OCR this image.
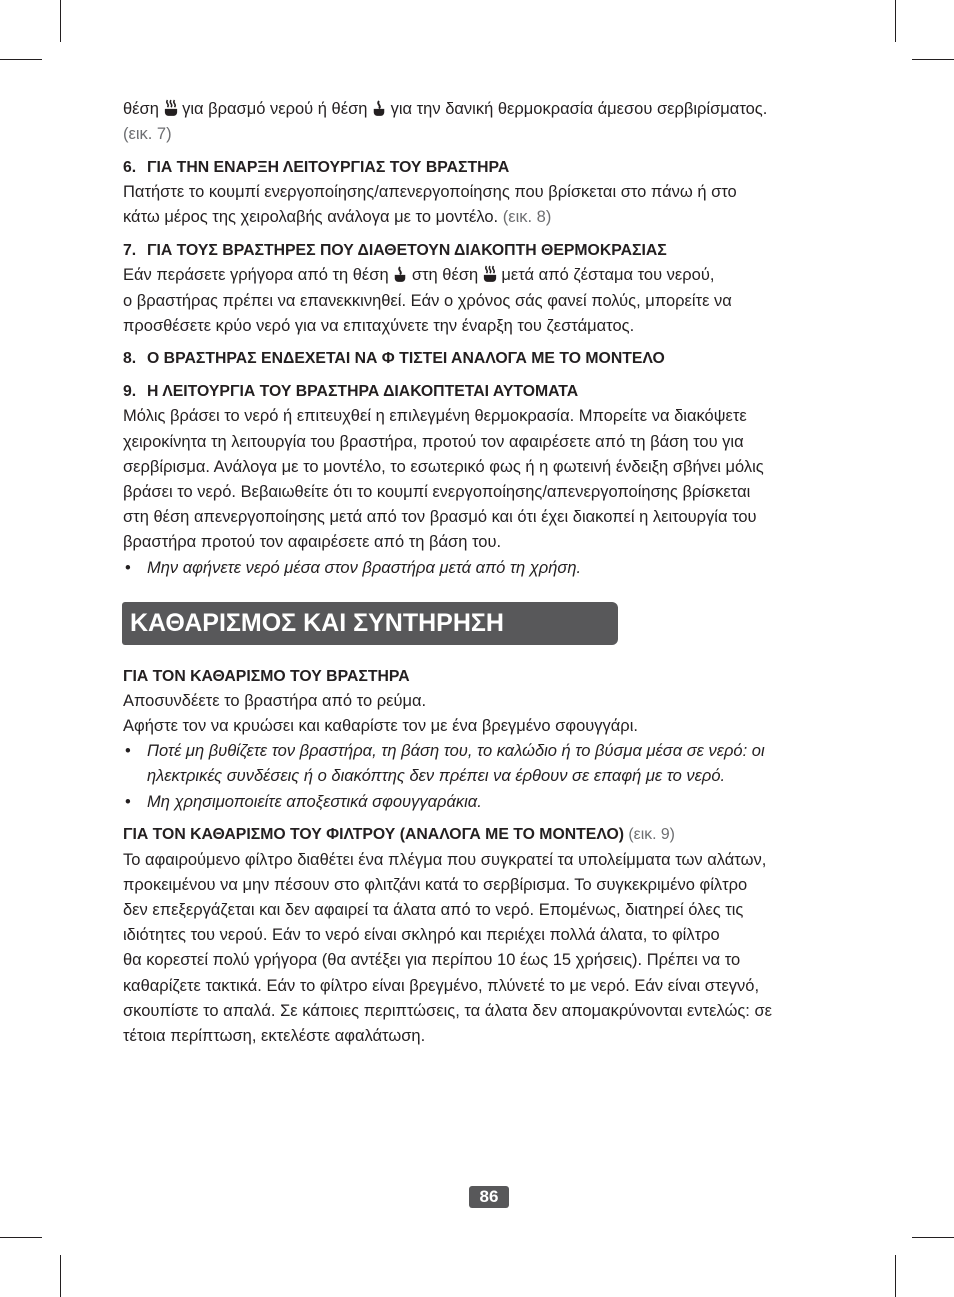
θέση για βρασμό νερού ή θέση για την δανική θερμοκρασία άμεσου σερβιρίσματος.
(εικ. 7)
6. ΓΙΑ ΤΗΝ ΕΝΑΡΞΗ ΛΕΙΤΟΥΡΓΙΑΣ ΤΟΥ ΒΡΑΣΤΗΡΑ
Πατήστε το κουμπί ενεργοποίησης/απενεργοποίησης που βρίσκεται στο πάνω ή στο
κάτω μέρος της χειρολαβής ανάλογα με το μοντέλο. (εικ. 8)
7. ΓΙΑ ΤΟΥΣ ΒΡΑΣΤΗΡΕΣ ΠΟΥ ΔΙΑΘΕΤΟΥΝ ΔΙΑΚΟΠΤΗ ΘΕΡΜΟΚΡΑΣΙΑΣ
Εάν περάσετε γρήγορα από τη θέση στη θέση μετά από ζέσταμα του νερού,
ο βραστήρας πρέπει να επανεκκινηθεί. Εάν ο χρόνος σάς φανεί πολύς, μπορείτε να
προσθέσετε κρύο νερό για να επιταχύνετε την έναρξη του ζεστάματος.
8. Ο ΒΡΑΣΤΗΡΑΣ ΕΝΔΕΧΕΤΑΙ ΝΑ Φ ΤΙΣΤΕΙ ΑΝΑΛΟΓΑ ΜΕ ΤΟ ΜΟΝΤΕΛΟ
9. Η ΛΕΙΤΟΥΡΓΙΑ ΤΟΥ ΒΡΑΣΤΗΡΑ ΔΙΑΚΟΠΤΕΤΑΙ ΑΥΤΟΜΑΤΑ
Μόλις βράσει το νερό ή επιτευχθεί η επιλεγμένη θερμοκρασία. Μπορείτε να διακόψετε
χειροκίνητα τη λειτουργία του βραστήρα, προτού τον αφαιρέσετε από τη βάση του για
σερβίρισμα. Ανάλογα με το μοντέλο, το εσωτερικό φως ή η φωτεινή ένδειξη σβήνει μόλις
βράσει το νερό. Βεβαιωθείτε ότι το κουμπί ενεργοποίησης/απενεργοποίησης βρίσκεται
στη θέση απενεργοποίησης μετά από τον βρασμό και ότι έχει διακοπεί η λειτουργία του
βραστήρα προτού τον αφαιρέσετε από τη βάση του.
• Μην αφήνετε νερό μέσα στον βραστήρα μετά από τη χρήση.
ΚΑΘΑΡΙΣΜΟΣ ΚΑΙ ΣΥΝΤΗΡΗΣΗ
ΓΙΑ ΤΟΝ ΚΑΘΑΡΙΣΜΟ ΤΟΥ ΒΡΑΣΤΗΡΑ
Αποσυνδέετε το βραστήρα από το ρεύμα.
Αφήστε τον να κρυώσει και καθαρίστε τον με ένα βρεγμένο σφουγγάρι.
• Ποτέ μη βυθίζετε τον βραστήρα, τη βάση του, το καλώδιο ή το βύσμα μέσα σε νερό: οι
ηλεκτρικές συνδέσεις ή ο διακόπτης δεν πρέπει να έρθουν σε επαφή με το νερό.
• Μη χρησιμοποιείτε αποξεστικά σφουγγαράκια.
ΓΙΑ ΤΟΝ ΚΑΘΑΡΙΣΜΟ ΤΟΥ ΦΙΛΤΡΟΥ (ΑΝΑΛΟΓΑ ΜΕ ΤΟ ΜΟΝΤΕΛΟ) (εικ. 9)
Το αφαιρούμενο φίλτρο διαθέτει ένα πλέγμα που συγκρατεί τα υπολείμματα των αλάτων,
προκειμένου να μην πέσουν στο φλιτζάνι κατά το σερβίρισμα. Το συγκεκριμένο φίλτρο
δεν επεξεργάζεται και δεν αφαιρεί τα άλατα από το νερό. Επομένως, διατηρεί όλες τις
ιδιότητες του νερού. Εάν το νερό είναι σκληρό και περιέχει πολλά άλατα, το φίλτρο
θα κορεστεί πολύ γρήγορα (θα αντέξει για περίπου 10 έως 15 χρήσεις). Πρέπει να το
καθαρίζετε τακτικά. Εάν το φίλτρο είναι βρεγμένο, πλύνετέ το με νερό. Εάν είναι στεγνό,
σκουπίστε το απαλά. Σε κάποιες περιπτώσεις, τα άλατα δεν απομακρύνονται εντελώς: σε
τέτοια περίπτωση, εκτελέστε αφαλάτωση.
86
